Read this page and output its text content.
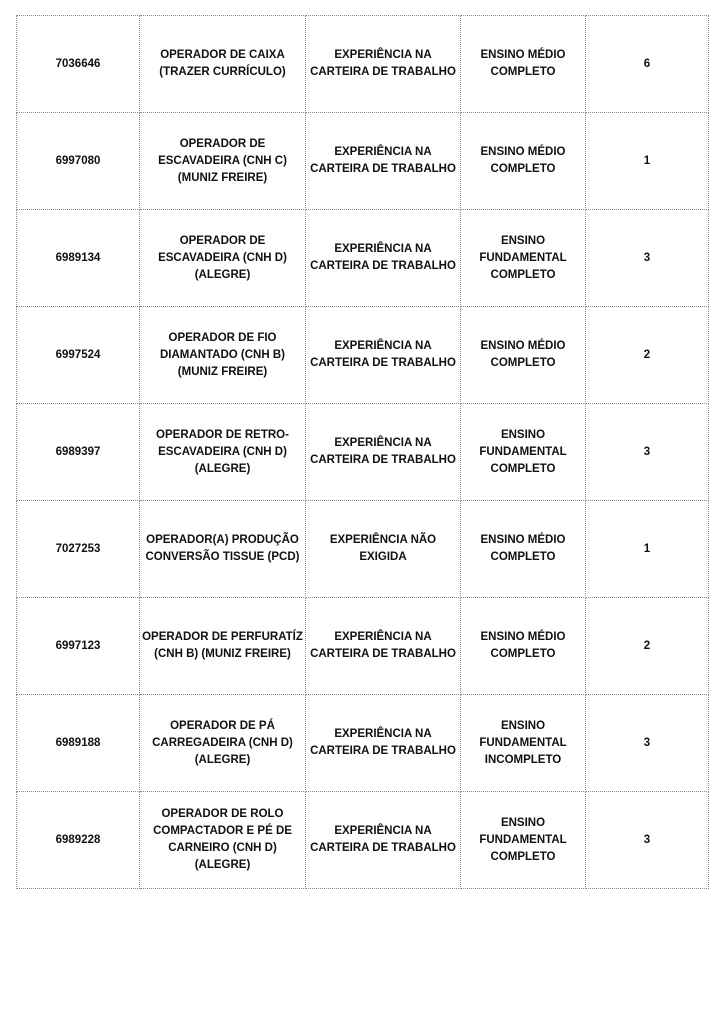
7036646	OPERADOR DE CAIXA (TRAZER CURRÍCULO)	EXPERIÊNCIA NA CARTEIRA DE TRABALHO	ENSINO MÉDIO COMPLETO	6
6997080	OPERADOR DE ESCAVADEIRA (CNH C) (MUNIZ FREIRE)	EXPERIÊNCIA NA CARTEIRA DE TRABALHO	ENSINO MÉDIO COMPLETO	1
6989134	OPERADOR DE ESCAVADEIRA (CNH D) (ALEGRE)	EXPERIÊNCIA NA CARTEIRA DE TRABALHO	ENSINO FUNDAMENTAL COMPLETO	3
6997524	OPERADOR DE FIO DIAMANTADO (CNH B) (MUNIZ FREIRE)	EXPERIÊNCIA NA CARTEIRA DE TRABALHO	ENSINO MÉDIO COMPLETO	2
6989397	OPERADOR DE RETRO-ESCAVADEIRA (CNH D) (ALEGRE)	EXPERIÊNCIA NA CARTEIRA DE TRABALHO	ENSINO FUNDAMENTAL COMPLETO	3
7027253	OPERADOR(A) PRODUÇÃO CONVERSÃO TISSUE (PCD)	EXPERIÊNCIA NÃO EXIGIDA	ENSINO MÉDIO COMPLETO	1
6997123	OPERADOR DE PERFURATÍZ (CNH B) (MUNIZ FREIRE)	EXPERIÊNCIA NA CARTEIRA DE TRABALHO	ENSINO MÉDIO COMPLETO	2
6989188	OPERADOR DE PÁ CARREGADEIRA (CNH D) (ALEGRE)	EXPERIÊNCIA NA CARTEIRA DE TRABALHO	ENSINO FUNDAMENTAL INCOMPLETO	3
6989228	OPERADOR DE ROLO COMPACTADOR E PÉ DE CARNEIRO (CNH D) (ALEGRE)	EXPERIÊNCIA NA CARTEIRA DE TRABALHO	ENSINO FUNDAMENTAL COMPLETO	3
